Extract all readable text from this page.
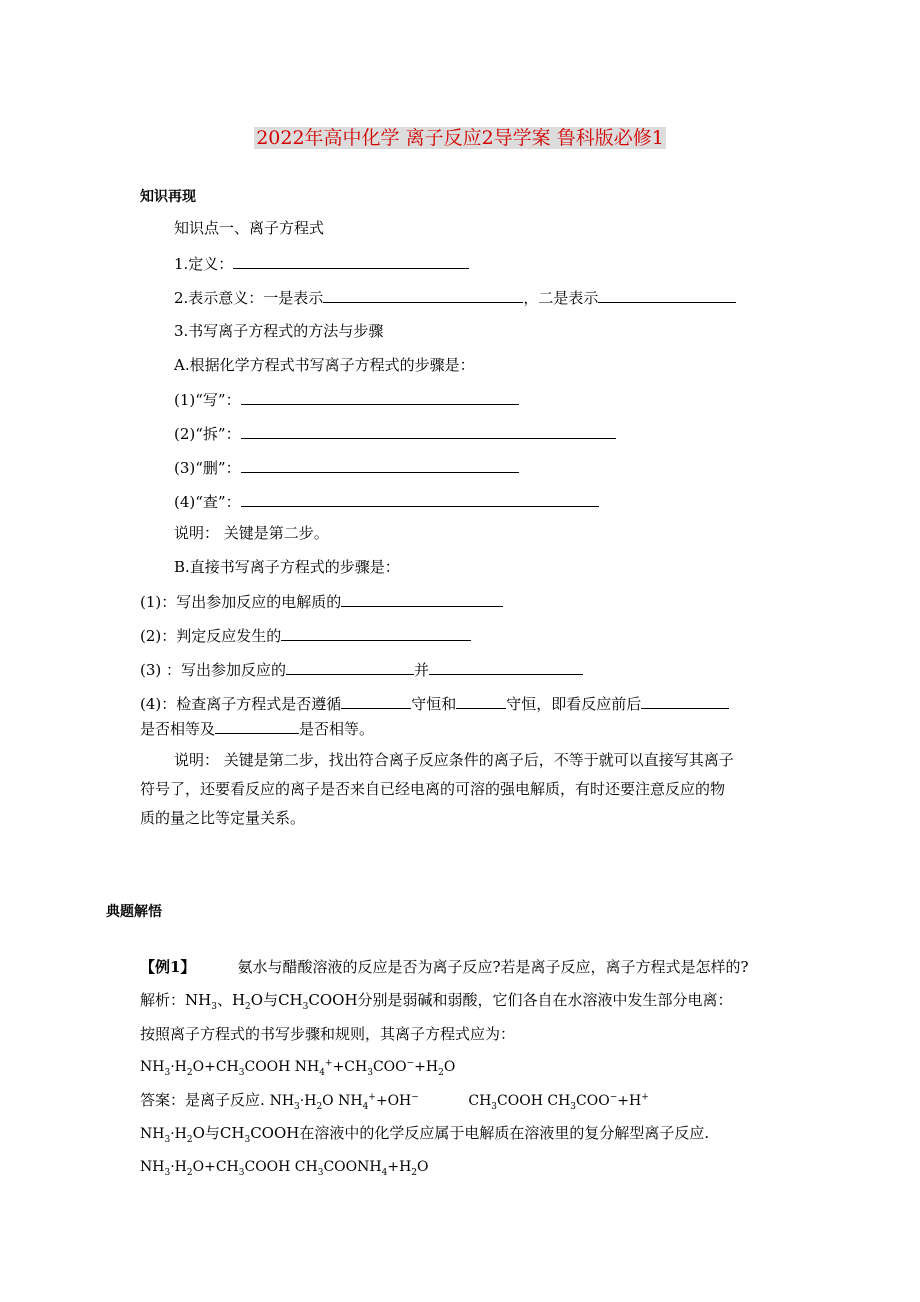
2022年高中化学 离子反应2导学案 鲁科版必修1
知识再现
知识点一、离子方程式
1.定义：
2.表示意义：一是表示	，二是表示
3.书写离子方程式的方法与步骤
A.根据化学方程式书写离子方程式的步骤是：
(1)“写”：
(2)“拆”：
(3)“删”：
(4)“查”：
说明： 关键是第二步。
B.直接书写离子方程式的步骤是：
(1)：写出参加反应的电解质的
(2)：判定反应发生的
(3) ：写出参加反应的	并
(4)：检查离子方程式是否遵循	守恒和	守恒，即看反应前后
是否相等及	是否相等。
说明： 关键是第二步，找出符合离子反应条件的离子后，不等于就可以直接写其离子
符号了，还要看反应的离子是否来自已经电离的可溶的强电解质，有时还要注意反应的物
质的量之比等定量关系。
典题解悟
【例1】	氨水与醋酸溶液的反应是否为离子反应?若是离子反应，离子方程式是怎样的?
解析：$NH_3$、$H_2O$与$CH_3COOH$分别是弱碱和弱酸，它们各自在水溶液中发生部分电离：
按照离子方程式的书写步骤和规则，其离子方程式应为：
$NH_3\cdot H_2O+CH_3COOH$ $NH_4^++CH_3COO^-+H_2O$
答案：是离子反应. $NH_3\cdot H_2O$ $NH_4^++OH^-$	$CH_3COOH$ $CH_3COO^-+H^+$
$NH_3\cdot H_2O$与$CH_3COOH$在溶液中的化学反应属于电解质在溶液里的复分解型离子反应.
$NH_3\cdot H_2O+CH_3COOH$ $CH_3COONH_4+H_2O$
